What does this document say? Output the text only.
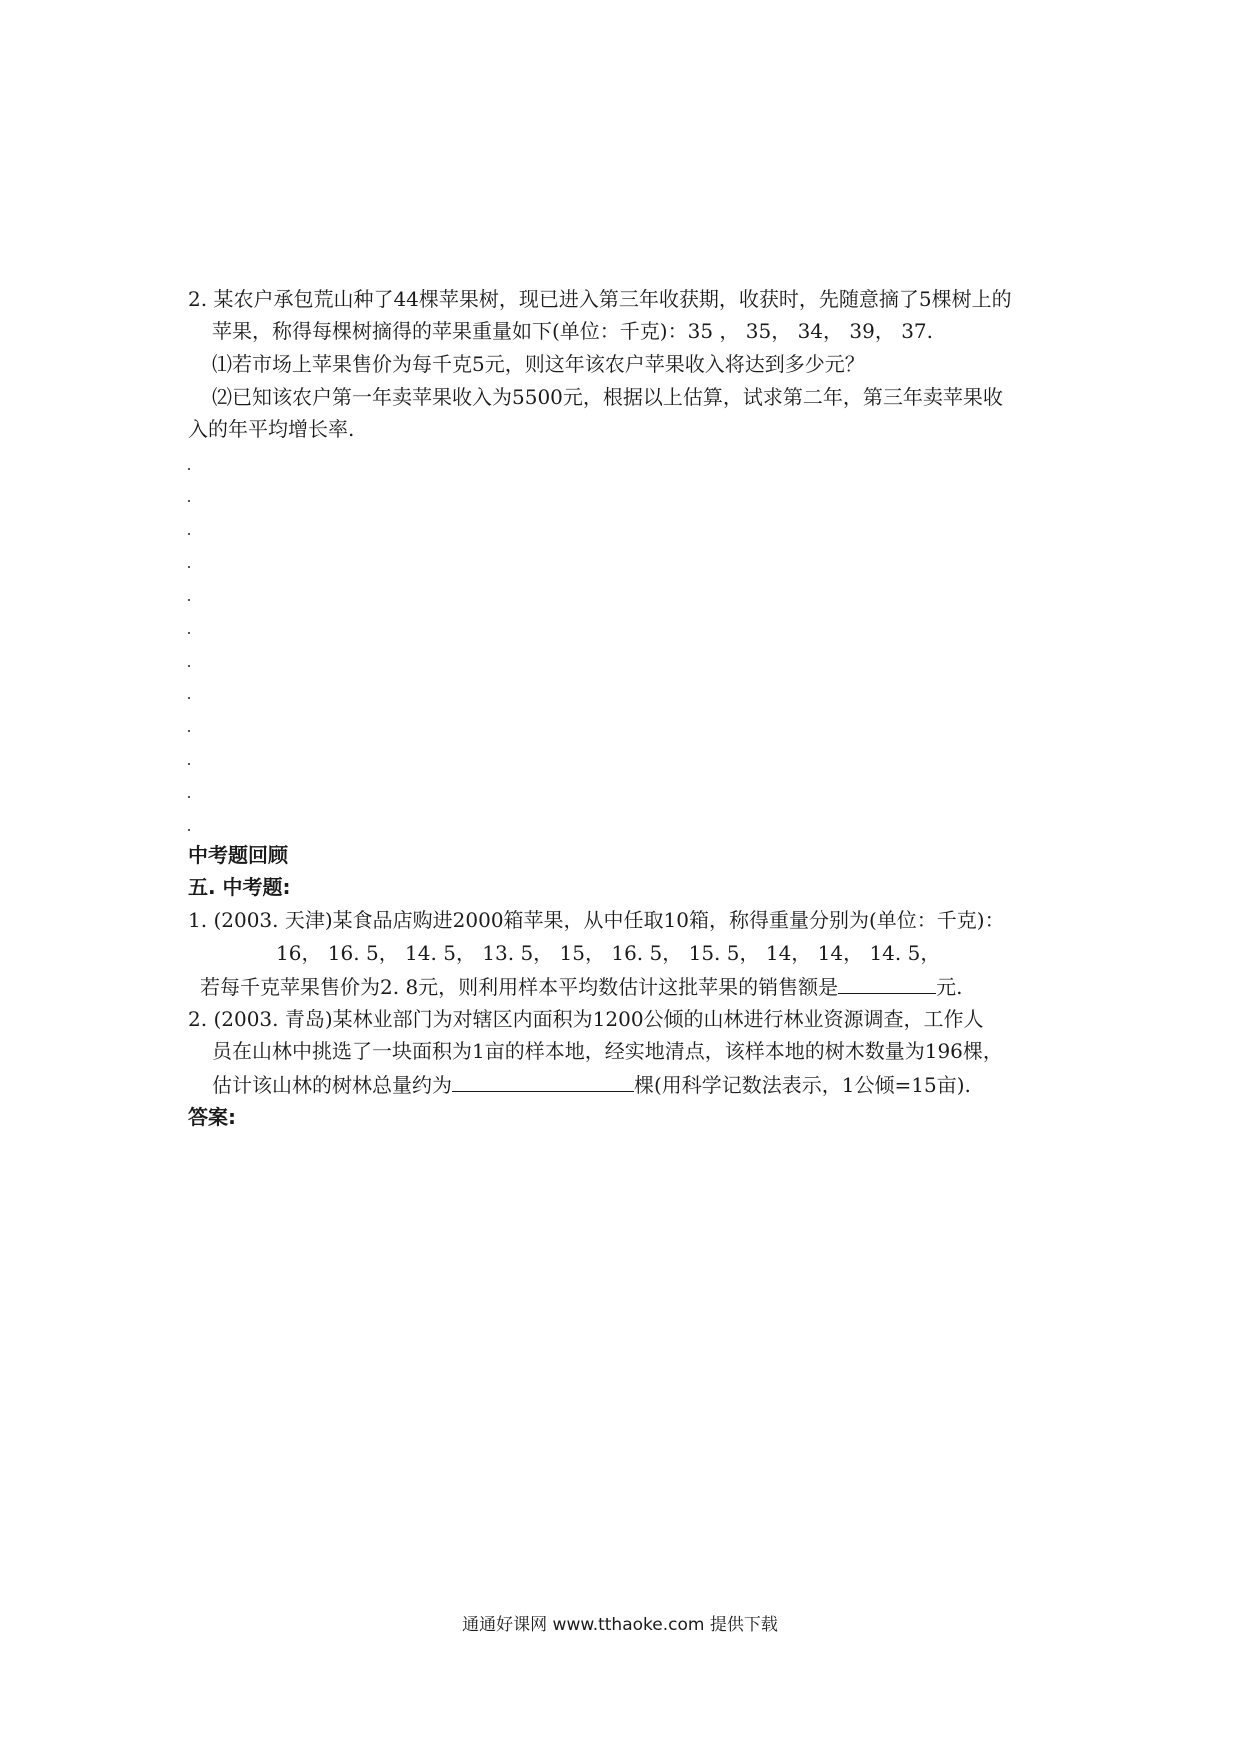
2. 某农户承包荒山种了44棵苹果树，现已进入第三年收获期，收获时，先随意摘了5棵树上的
苹果，称得每棵树摘得的苹果重量如下(单位：千克)：35 ， 35， 34， 39， 37.
⑴若市场上苹果售价为每千克5元，则这年该农户苹果收入将达到多少元？
⑵已知该农户第一年卖苹果收入为5500元，根据以上估算，试求第二年，第三年卖苹果收
入的年平均增长率.
中考题回顾
五. 中考题:
1. (2003. 天津)某食品店购进2000箱苹果，从中任取10箱，称得重量分别为(单位：千克)：
16， 16. 5， 14. 5， 13. 5， 15， 16. 5， 15. 5， 14， 14， 14. 5，
若每千克苹果售价为2. 8元，则利用样本平均数估计这批苹果的销售额是	元.
2. (2003. 青岛)某林业部门为对辖区内面积为1200公倾的山林进行林业资源调查，工作人
员在山林中挑选了一块面积为1亩的样本地，经实地清点，该样本地的树木数量为196棵，
估计该山林的树林总量约为	棵(用科学记数法表示，1公倾=15亩).
答案:
通通好课网 www.tthaoke.com 提供下载
